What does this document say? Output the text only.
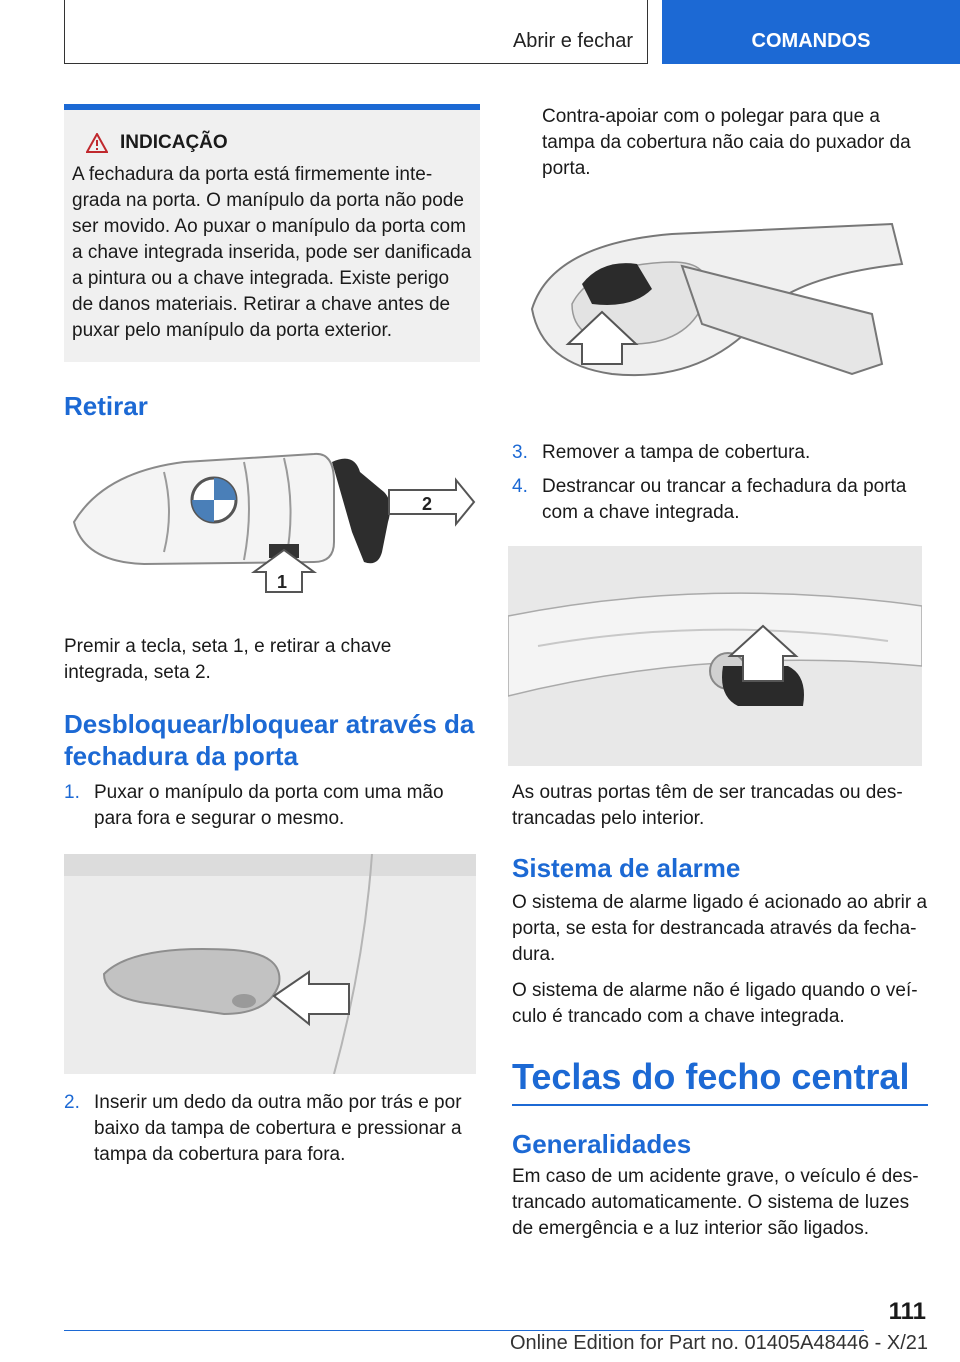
Abrir e fechar	COMANDOS
INDICAÇÃO
A fechadura da porta está firmemente inte-grada na porta. O manípulo da porta não pode ser movido. Ao puxar o manípulo da porta com a chave integrada inserida, pode ser danificada a pintura ou a chave integrada. Existe perigo de danos materiais. Retirar a chave antes de puxar pelo manípulo da porta exterior.
Retirar
2
1

Premir a tecla, seta 1, e retirar a chave integrada, seta 2.

Desbloquear/bloquear através da fechadura da porta
1. Puxar o manípulo da porta com uma mão para fora e segurar o mesmo.
2. Inserir um dedo da outra mão por trás e por baixo da tampa de cobertura e pressionar a tampa da cobertura para fora.

Contra-apoiar com o polegar para que a tampa da cobertura não caia do puxador da porta.

3. Remover a tampa de cobertura.
4. Destrancar ou trancar a fechadura da porta com a chave integrada.

As outras portas têm de ser trancadas ou des-trancadas pelo interior.

Sistema de alarme

O sistema de alarme ligado é acionado ao abrir a porta, se esta for destrancada através da fecha-dura.

O sistema de alarme não é ligado quando o veí-culo é trancado com a chave integrada.

Teclas do fecho central
Generalidades

Em caso de um acidente grave, o veículo é des-trancado automaticamente. O sistema de luzes de emergência e a luz interior são ligados.

111
Online Edition for Part no. 01405A48446 - X/21
